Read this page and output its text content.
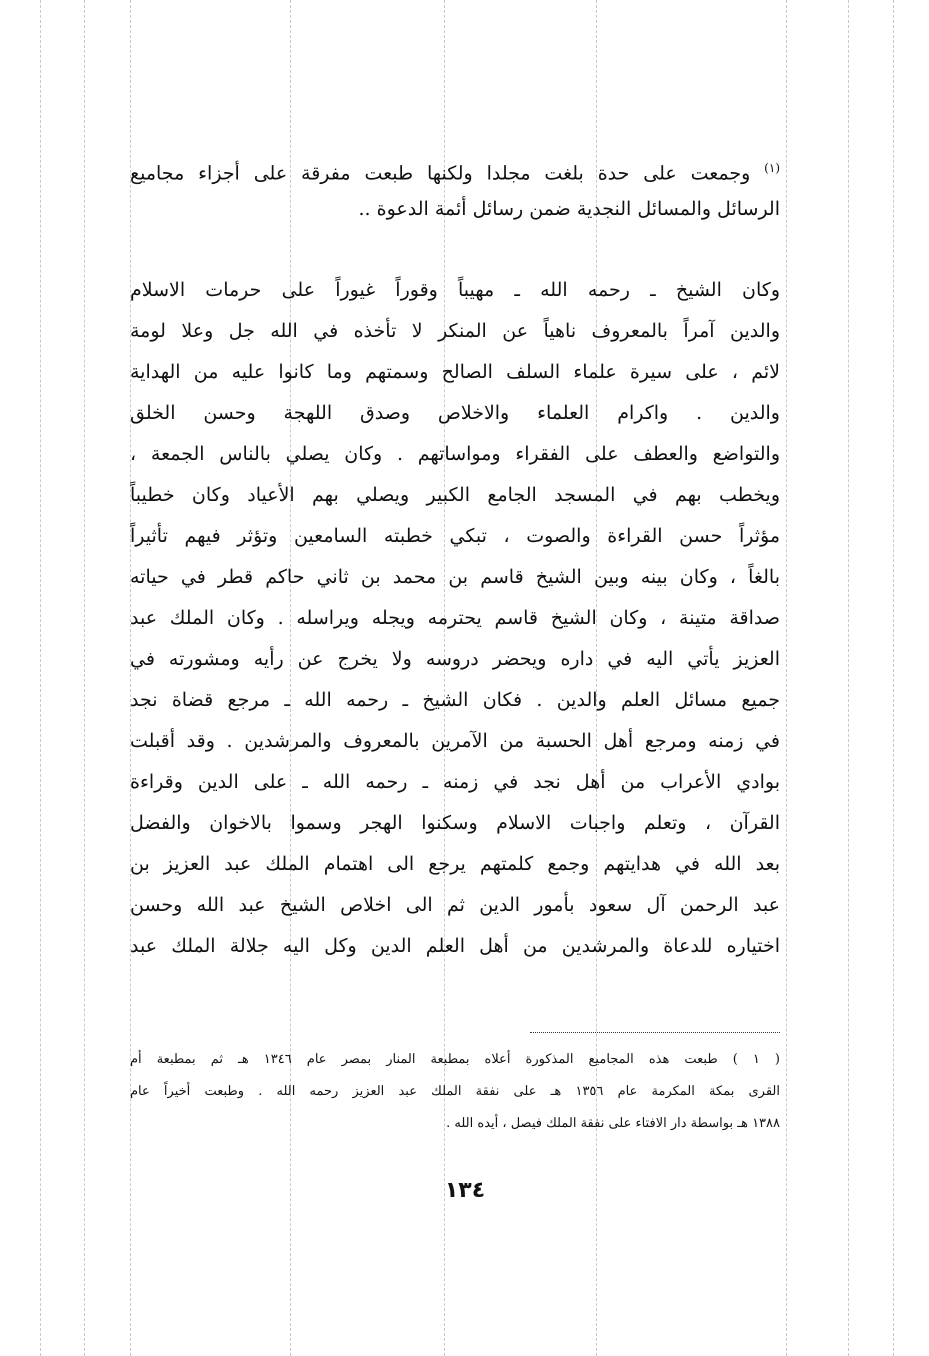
$^{(١)}$ وجمعت على حدة بلغت مجلدا ولكنها طبعت مفرقة على أجزاء مجاميع
الرسائل والمسائل النجدية ضمن رسائل أئمة الدعوة ..
وكان الشيخ ـ رحمه الله ـ مهيباً وقوراً غيوراً على حرمات الاسلام
والدين آمراً بالمعروف ناهياً عن المنكر لا تأخذه في الله جل وعلا لومة
لائم ، على سيرة علماء السلف الصالح وسمتهم وما كانوا عليه من الهداية
والدين . واكرام العلماء والاخلاص وصدق اللهجة وحسن الخلق
والتواضع والعطف على الفقراء ومواساتهم . وكان يصلي بالناس الجمعة ،
ويخطب بهم في المسجد الجامع الكبير ويصلي بهم الأعياد وكان خطيباً
مؤثراً حسن القراءة والصوت ، تبكي خطبته السامعين وتؤثر فيهم تأثيراً
بالغاً ، وكان بينه وبين الشيخ قاسم بن محمد بن ثاني حاكم قطر في حياته
صداقة متينة ، وكان الشيخ قاسم يحترمه ويجله ويراسله . وكان الملك عبد
العزيز يأتي اليه في داره ويحضر دروسه ولا يخرج عن رأيه ومشورته في
جميع مسائل العلم والدين . فكان الشيخ ـ رحمه الله ـ مرجع قضاة نجد
في زمنه ومرجع أهل الحسبة من الآمرين بالمعروف والمرشدين . وقد أقبلت
بوادي الأعراب من أهل نجد في زمنه ـ رحمه الله ـ على الدين وقراءة
القرآن ، وتعلم واجبات الاسلام وسكنوا الهجر وسموا بالاخوان والفضل
بعد الله في هدايتهم وجمع كلمتهم يرجع الى اهتمام الملك عبد العزيز بن
عبد الرحمن آل سعود بأمور الدين ثم الى اخلاص الشيخ عبد الله وحسن
اختياره للدعاة والمرشدين من أهل العلم الدين وكل اليه جلالة الملك عبد
( ١ ) طبعت هذه المجاميع المذكورة أعلاه بمطبعة المنار بمصر عام ١٣٤٦ هـ ثم بمطبعة أم
القرى بمكة المكرمة عام ١٣٥٦ هـ على نفقة الملك عبد العزيز رحمه الله . وطبعت أخيراً عام
١٣٨٨ هـ بواسطة دار الافتاء على نفقة الملك فيصل ، أيده الله .
١٣٤
